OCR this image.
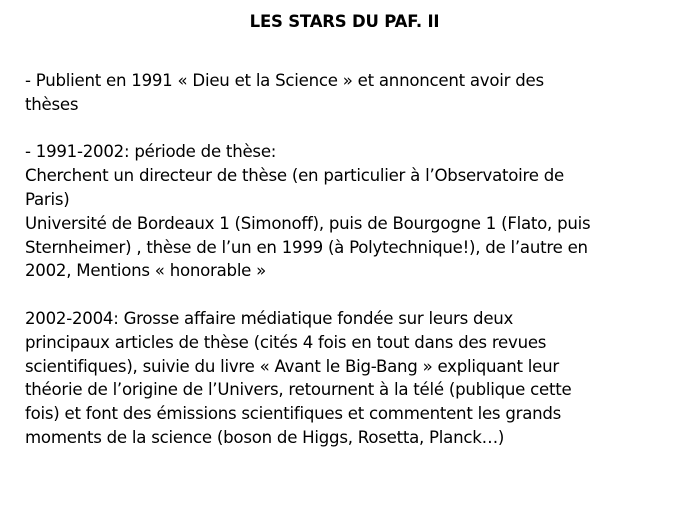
LES STARS DU PAF. II
- Publient en 1991 « Dieu et la Science » et annoncent avoir des
thèses
- 1991-2002: période de thèse:
Cherchent un directeur de thèse (en particulier à l’Observatoire de
Paris)
Université de Bordeaux 1 (Simonoff), puis de Bourgogne 1 (Flato, puis
Sternheimer) , thèse de l’un en 1999 (à Polytechnique!), de l’autre en
2002, Mentions « honorable »
2002-2004: Grosse affaire médiatique fondée sur leurs deux
principaux articles de thèse (cités 4 fois en tout dans des revues
scientifiques), suivie du livre « Avant le Big-Bang » expliquant leur
théorie de l’origine de l’Univers, retournent à la télé (publique cette
fois) et font des émissions scientifiques et commentent les grands
moments de la science (boson de Higgs, Rosetta, Planck…)
